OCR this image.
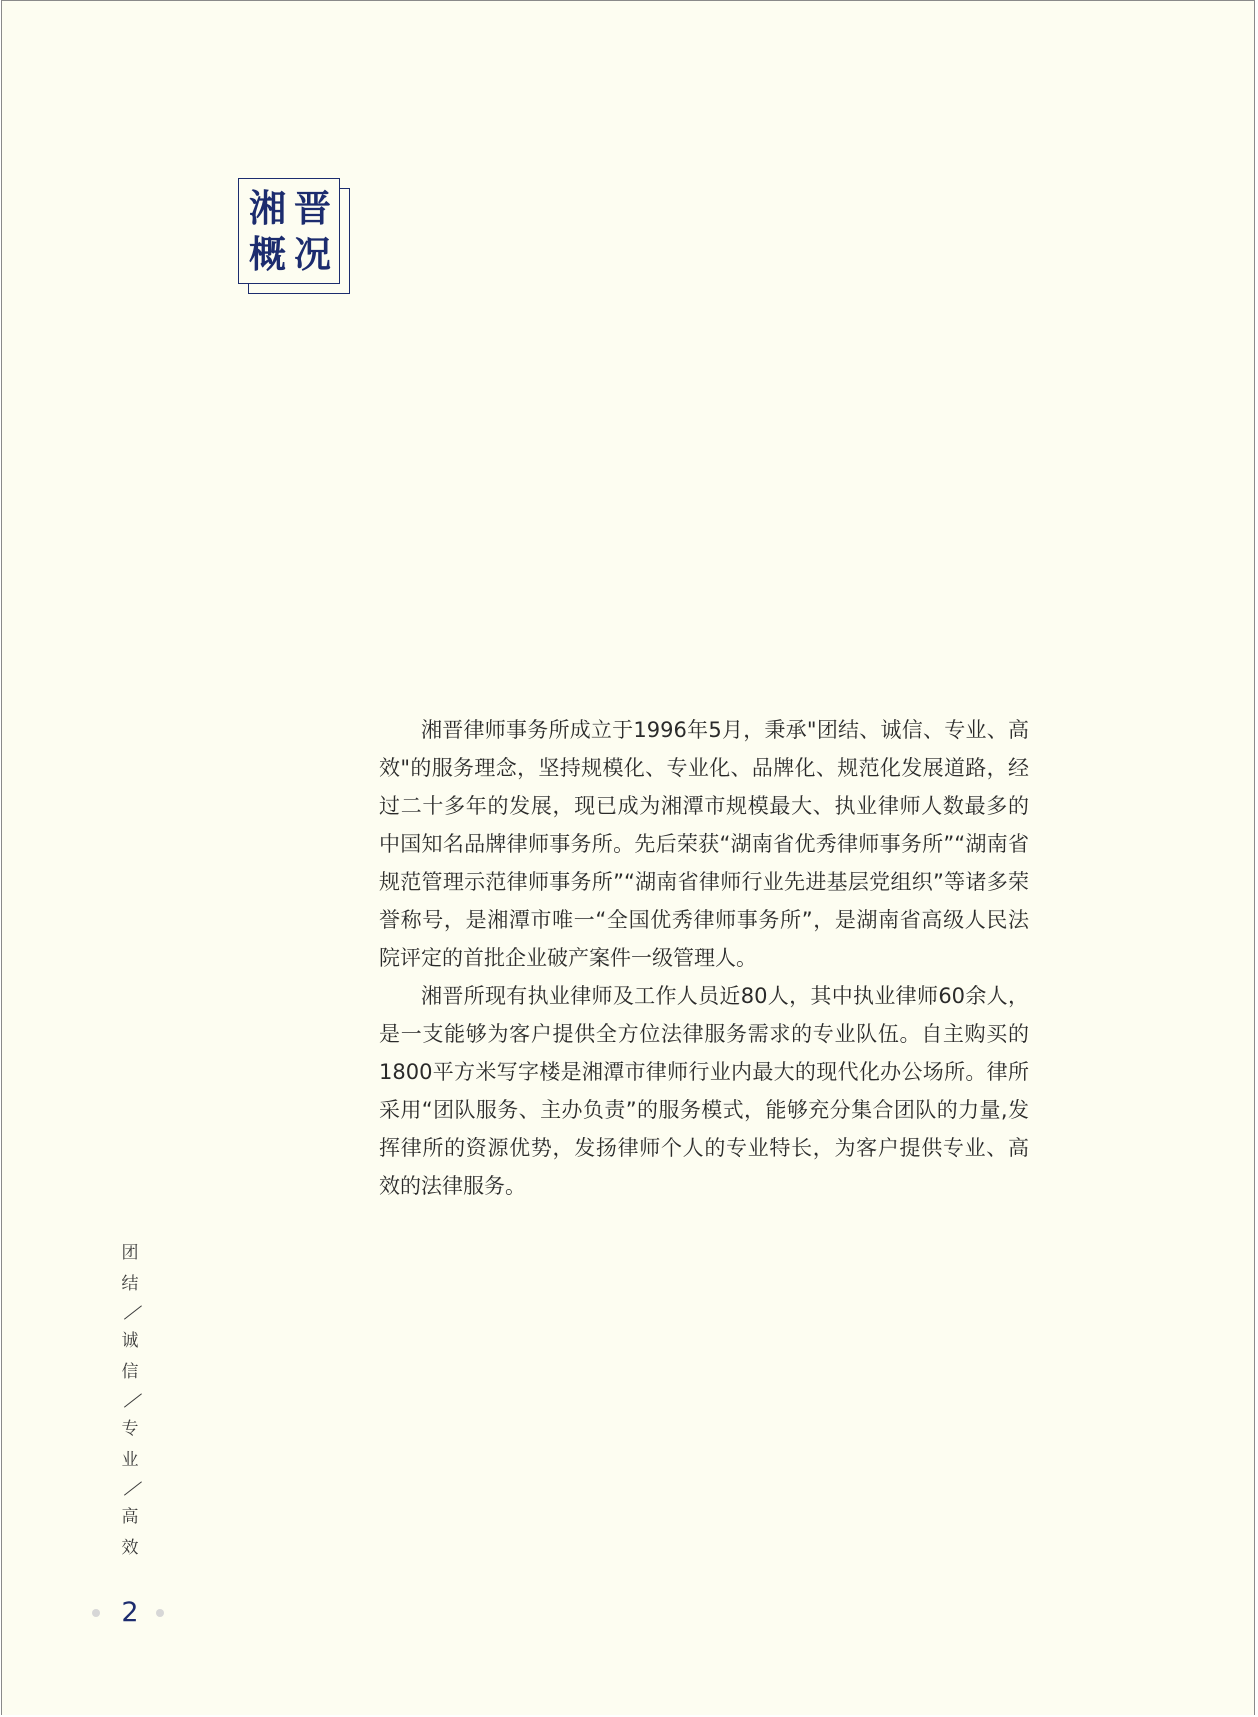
湘 晋
概 况

湘晋律师事务所成立于1996年5月，秉承"团结、诚信、专业、高效"的服务理念，坚持规模化、专业化、品牌化、规范化发展道路，经过二十多年的发展，现已成为湘潭市规模最大、执业律师人数最多的中国知名品牌律师事务所。先后荣获“湖南省优秀律师事务所”“湖南省规范管理示范律师事务所”“湖南省律师行业先进基层党组织”等诸多荣誉称号，是湘潭市唯一“全国优秀律师事务所”，是湖南省高级人民法院评定的首批企业破产案件一级管理人。

湘晋所现有执业律师及工作人员近80人，其中执业律师60余人，是一支能够为客户提供全方位法律服务需求的专业队伍。自主购买的1800平方米写字楼是湘潭市律师行业内最大的现代化办公场所。律所采用“团队服务、主办负责”的服务模式，能够充分集合团队的力量,发挥律所的资源优势，发扬律师个人的专业特长，为客户提供专业、高效的法律服务。

团
结
诚
信
专
业
高
效
2
